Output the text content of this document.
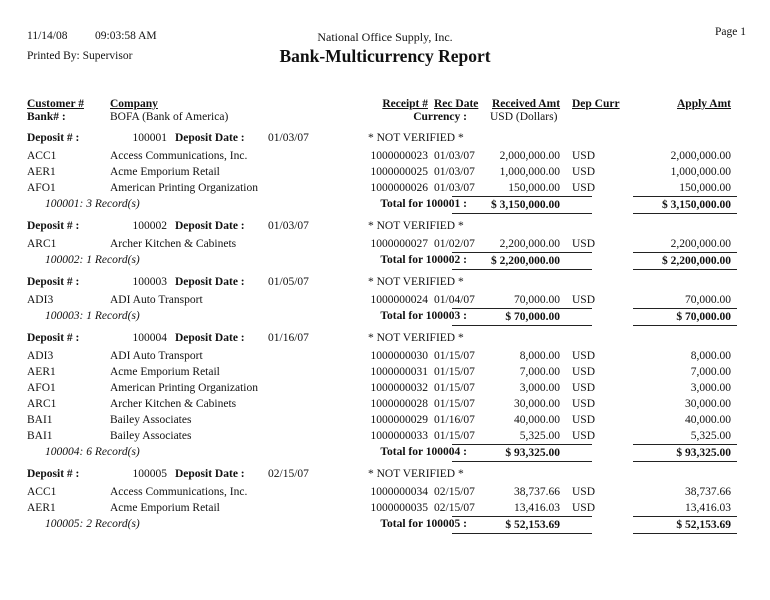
11/14/08 09:03:58 AM	National Office Supply, Inc.	Page 1
Printed By: Supervisor	Bank-Multicurrency Report
Customer #	Company	Receipt # Rec Date	Received Amt	Dep Curr	Apply Amt
Bank# :	BOFA (Bank of America)	Currency : USD (Dollars)
Deposit # :	100001 Deposit Date : 01/03/07	* NOT VERIFIED *
ACC1	Access Communications, Inc.	1000000023 01/03/07	2,000,000.00	USD	2,000,000.00
AER1	Acme Emporium Retail	1000000025 01/03/07	1,000,000.00	USD	1,000,000.00
AFO1	American Printing Organization	1000000026 01/03/07	150,000.00	USD	150,000.00
100001: 3 Record(s)	Total for 100001 :	$ 3,150,000.00	$ 3,150,000.00
Deposit # :	100002 Deposit Date : 01/03/07	* NOT VERIFIED *
ARC1	Archer Kitchen & Cabinets	1000000027 01/02/07	2,200,000.00	USD	2,200,000.00
100002: 1 Record(s)	Total for 100002 :	$ 2,200,000.00	$ 2,200,000.00
Deposit # :	100003 Deposit Date : 01/05/07	* NOT VERIFIED *
ADI3	ADI Auto Transport	1000000024 01/04/07	70,000.00	USD	70,000.00
100003: 1 Record(s)	Total for 100003 :	$ 70,000.00	$ 70,000.00
Deposit # :	100004 Deposit Date : 01/16/07	* NOT VERIFIED *
ADI3	ADI Auto Transport	1000000030 01/15/07	8,000.00	USD	8,000.00
AER1	Acme Emporium Retail	1000000031 01/15/07	7,000.00	USD	7,000.00
AFO1	American Printing Organization	1000000032 01/15/07	3,000.00	USD	3,000.00
ARC1	Archer Kitchen & Cabinets	1000000028 01/15/07	30,000.00	USD	30,000.00
BAI1	Bailey Associates	1000000029 01/16/07	40,000.00	USD	40,000.00
BAI1	Bailey Associates	1000000033 01/15/07	5,325.00	USD	5,325.00
100004: 6 Record(s)	Total for 100004 :	$ 93,325.00	$ 93,325.00
Deposit # :	100005 Deposit Date : 02/15/07	* NOT VERIFIED *
ACC1	Access Communications, Inc.	1000000034 02/15/07	38,737.66	USD	38,737.66
AER1	Acme Emporium Retail	1000000035 02/15/07	13,416.03	USD	13,416.03
100005: 2 Record(s)	Total for 100005 :	$ 52,153.69	$ 52,153.69
